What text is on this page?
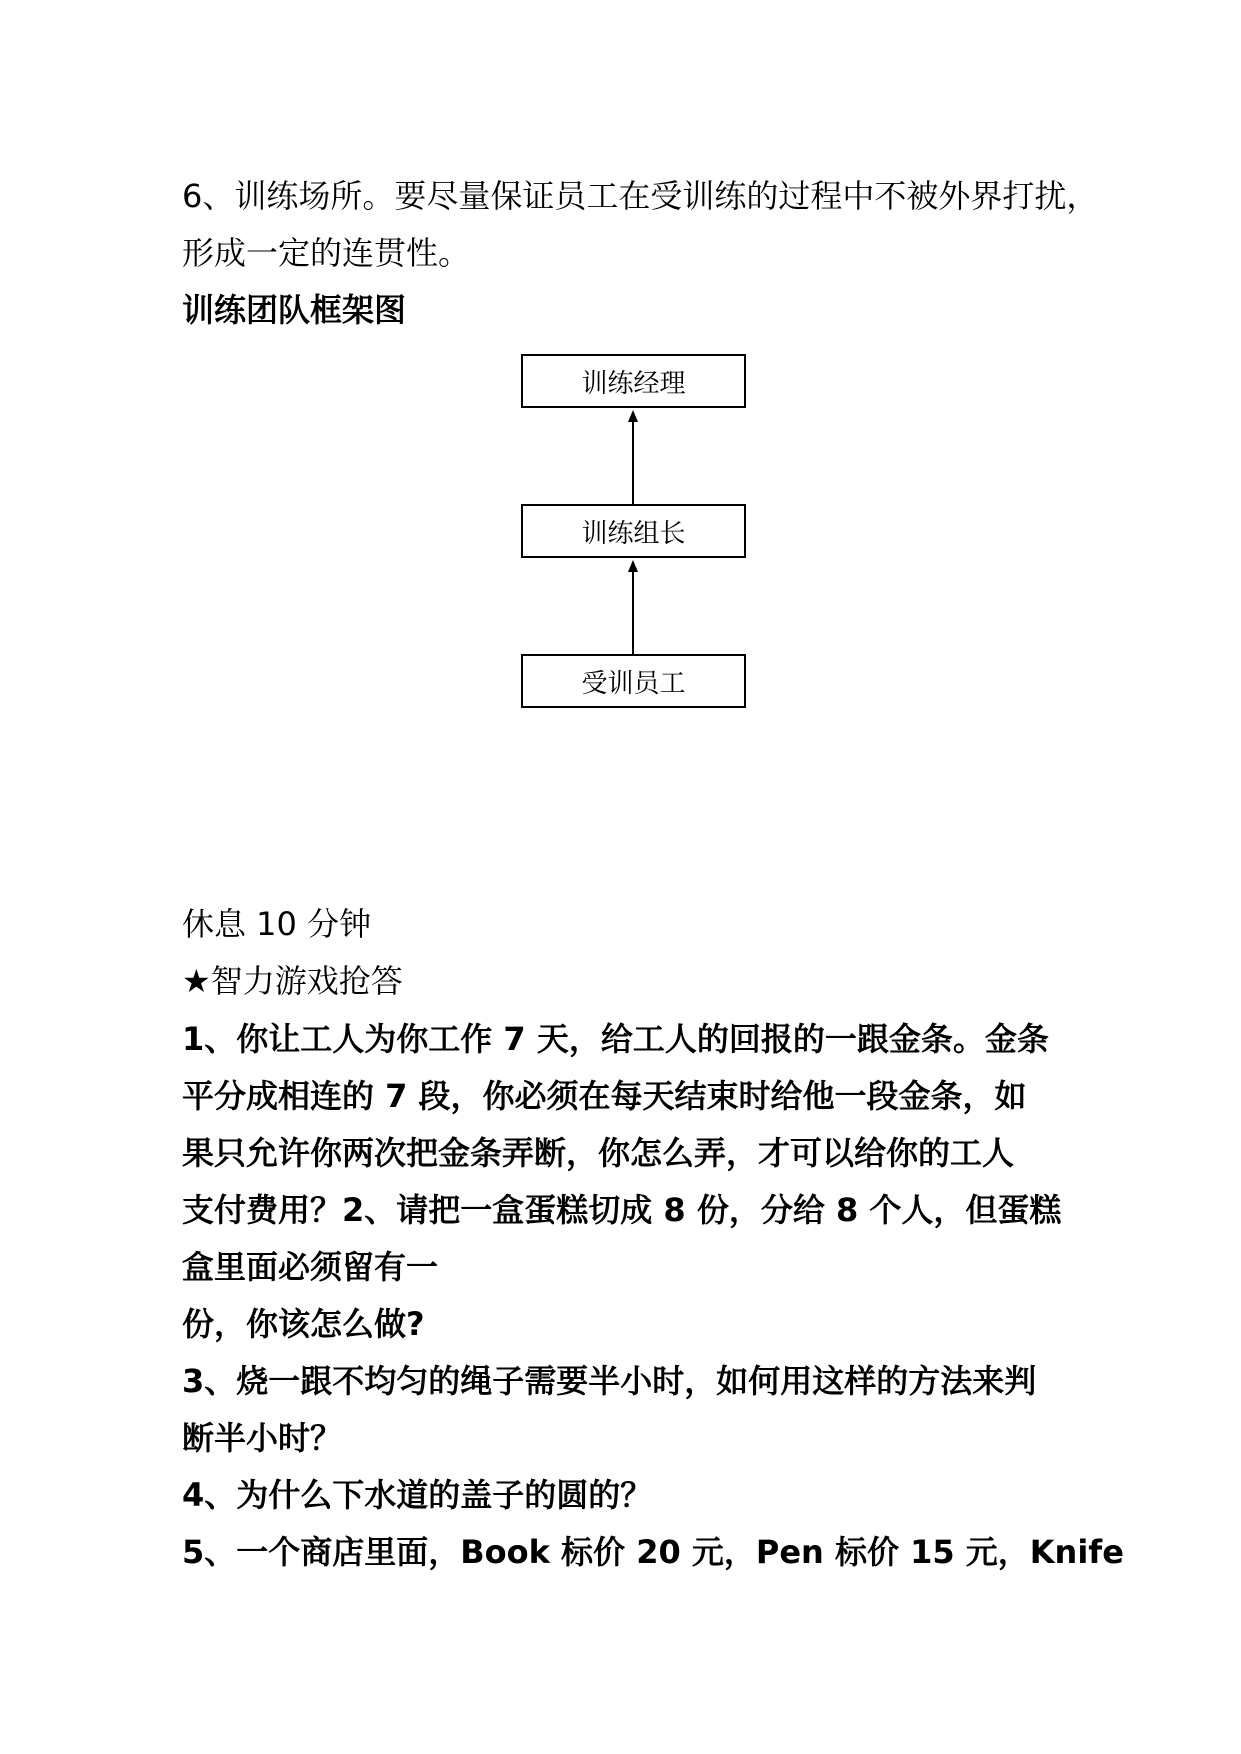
6、训练场所。要尽量保证员工在受训练的过程中不被外界打扰，
形成一定的连贯性。
训练团队框架图
训练经理
训练组长
受训员工
休息 10 分钟
★智力游戏抢答
1、你让工人为你工作 7 天，给工人的回报的一跟金条。金条
平分成相连的 7 段，你必须在每天结束时给他一段金条，如
果只允许你两次把金条弄断，你怎么弄，才可以给你的工人
支付费用？2、请把一盒蛋糕切成 8 份，分给 8 个人，但蛋糕
盒里面必须留有一
份，你该怎么做?
3、烧一跟不均匀的绳子需要半小时，如何用这样的方法来判
断半小时？
4、为什么下水道的盖子的圆的？
5、一个商店里面，Book 标价 20 元，Pen 标价 15 元，Knife
